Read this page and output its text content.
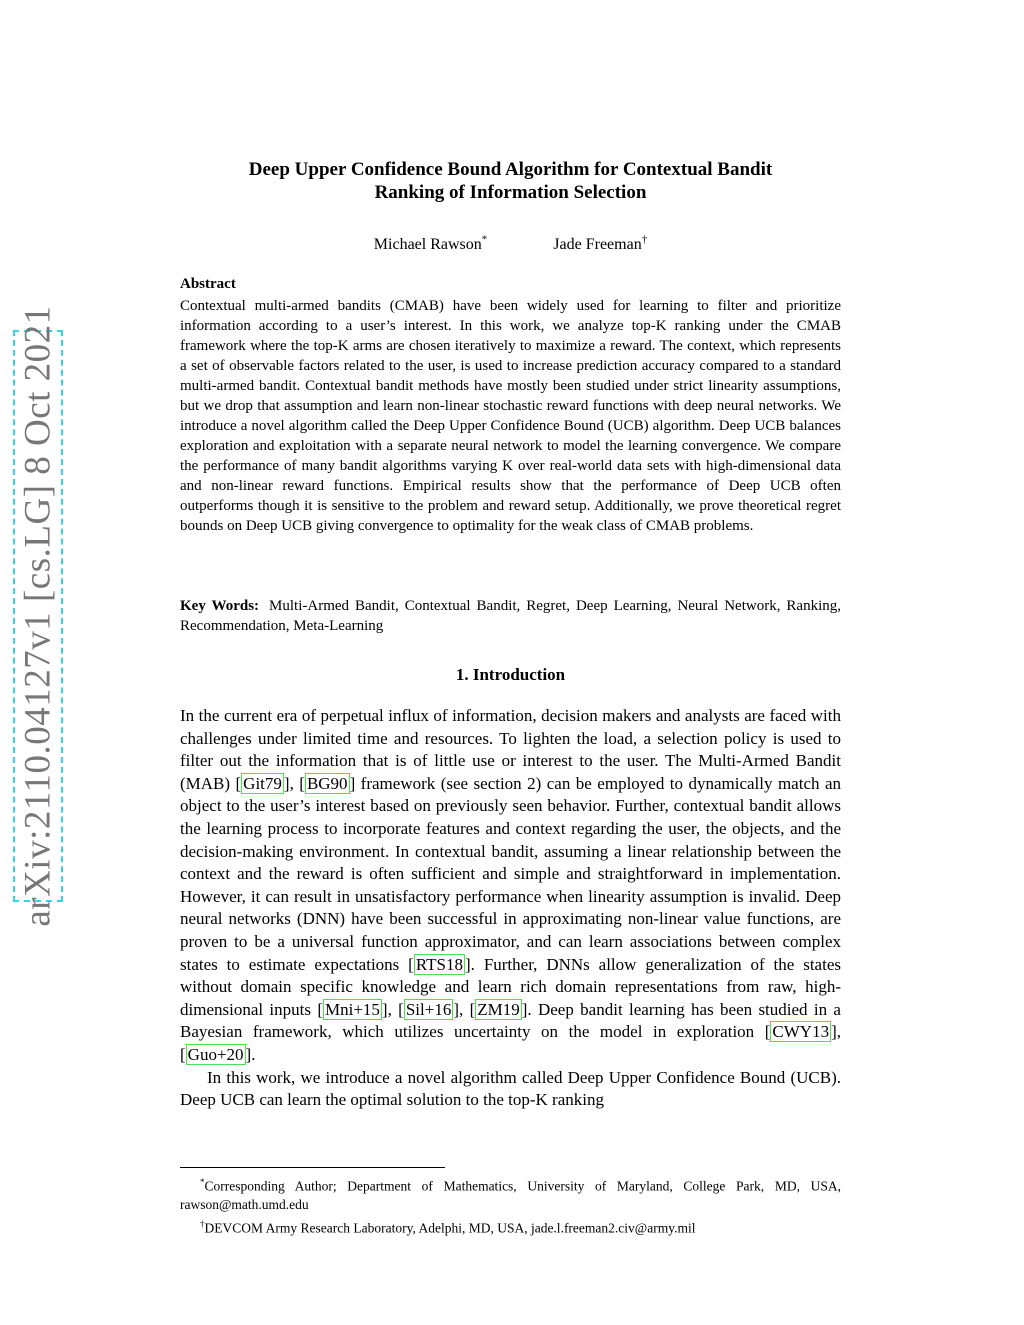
arXiv:2110.04127v1 [cs.LG] 8 Oct 2021
Deep Upper Confidence Bound Algorithm for Contextual Bandit
Ranking of Information Selection
Michael Rawson*	Jade Freeman†
Abstract
Contextual multi-armed bandits (CMAB) have been widely used for learning to filter and prioritize information according to a user’s interest. In this work, we analyze top-K ranking under the CMAB framework where the top-K arms are chosen iteratively to maximize a reward. The context, which represents a set of observable factors related to the user, is used to increase prediction accuracy compared to a standard multi-armed bandit. Contextual bandit methods have mostly been studied under strict linearity assumptions, but we drop that assumption and learn non-linear stochastic reward functions with deep neural networks. We introduce a novel algorithm called the Deep Upper Confidence Bound (UCB) algorithm. Deep UCB balances exploration and exploitation with a separate neural network to model the learning convergence. We compare the performance of many bandit algorithms varying K over real-world data sets with high-dimensional data and non-linear reward functions. Empirical results show that the performance of Deep UCB often outperforms though it is sensitive to the problem and reward setup. Additionally, we prove theoretical regret bounds on Deep UCB giving convergence to optimality for the weak class of CMAB problems.
Key Words: Multi-Armed Bandit, Contextual Bandit, Regret, Deep Learning, Neural Network, Ranking, Recommendation, Meta-Learning
1. Introduction

In the current era of perpetual influx of information, decision makers and analysts are faced with challenges under limited time and resources. To lighten the load, a selection policy is used to filter out the information that is of little use or interest to the user. The Multi-Armed Bandit (MAB) [ Git79 ], [ BG90 ] framework (see section 2) can be employed to dynamically match an object to the user’s interest based on previously seen behavior. Further, contextual bandit allows the learning process to incorporate features and context regarding the user, the objects, and the decision-making environment. In contextual bandit, assuming a linear relationship between the context and the reward is often sufficient and simple and straightforward in implementation. However, it can result in unsatisfactory performance when linearity assumption is invalid. Deep neural networks (DNN) have been successful in approximating non-linear value functions, are proven to be a universal function approximator, and can learn associations between complex states to estimate expectations [ RTS18 ]. Further, DNNs allow generalization of the states without domain specific knowledge and learn rich domain representations from raw, high-dimensional inputs [ Mni+15 ], [ Sil+16 ], [ ZM19 ]. Deep bandit learning has been studied in a Bayesian framework, which utilizes uncertainty on the model in exploration [ CWY13 ], [ Guo+20 ].

In this work, we introduce a novel algorithm called Deep Upper Confidence Bound (UCB). Deep UCB can learn the optimal solution to the top-K ranking

*Corresponding Author; Department of Mathematics, University of Maryland, College Park, MD, USA, rawson@math.umd.edu

†DEVCOM Army Research Laboratory, Adelphi, MD, USA, jade.l.freeman2.civ@army.mil
